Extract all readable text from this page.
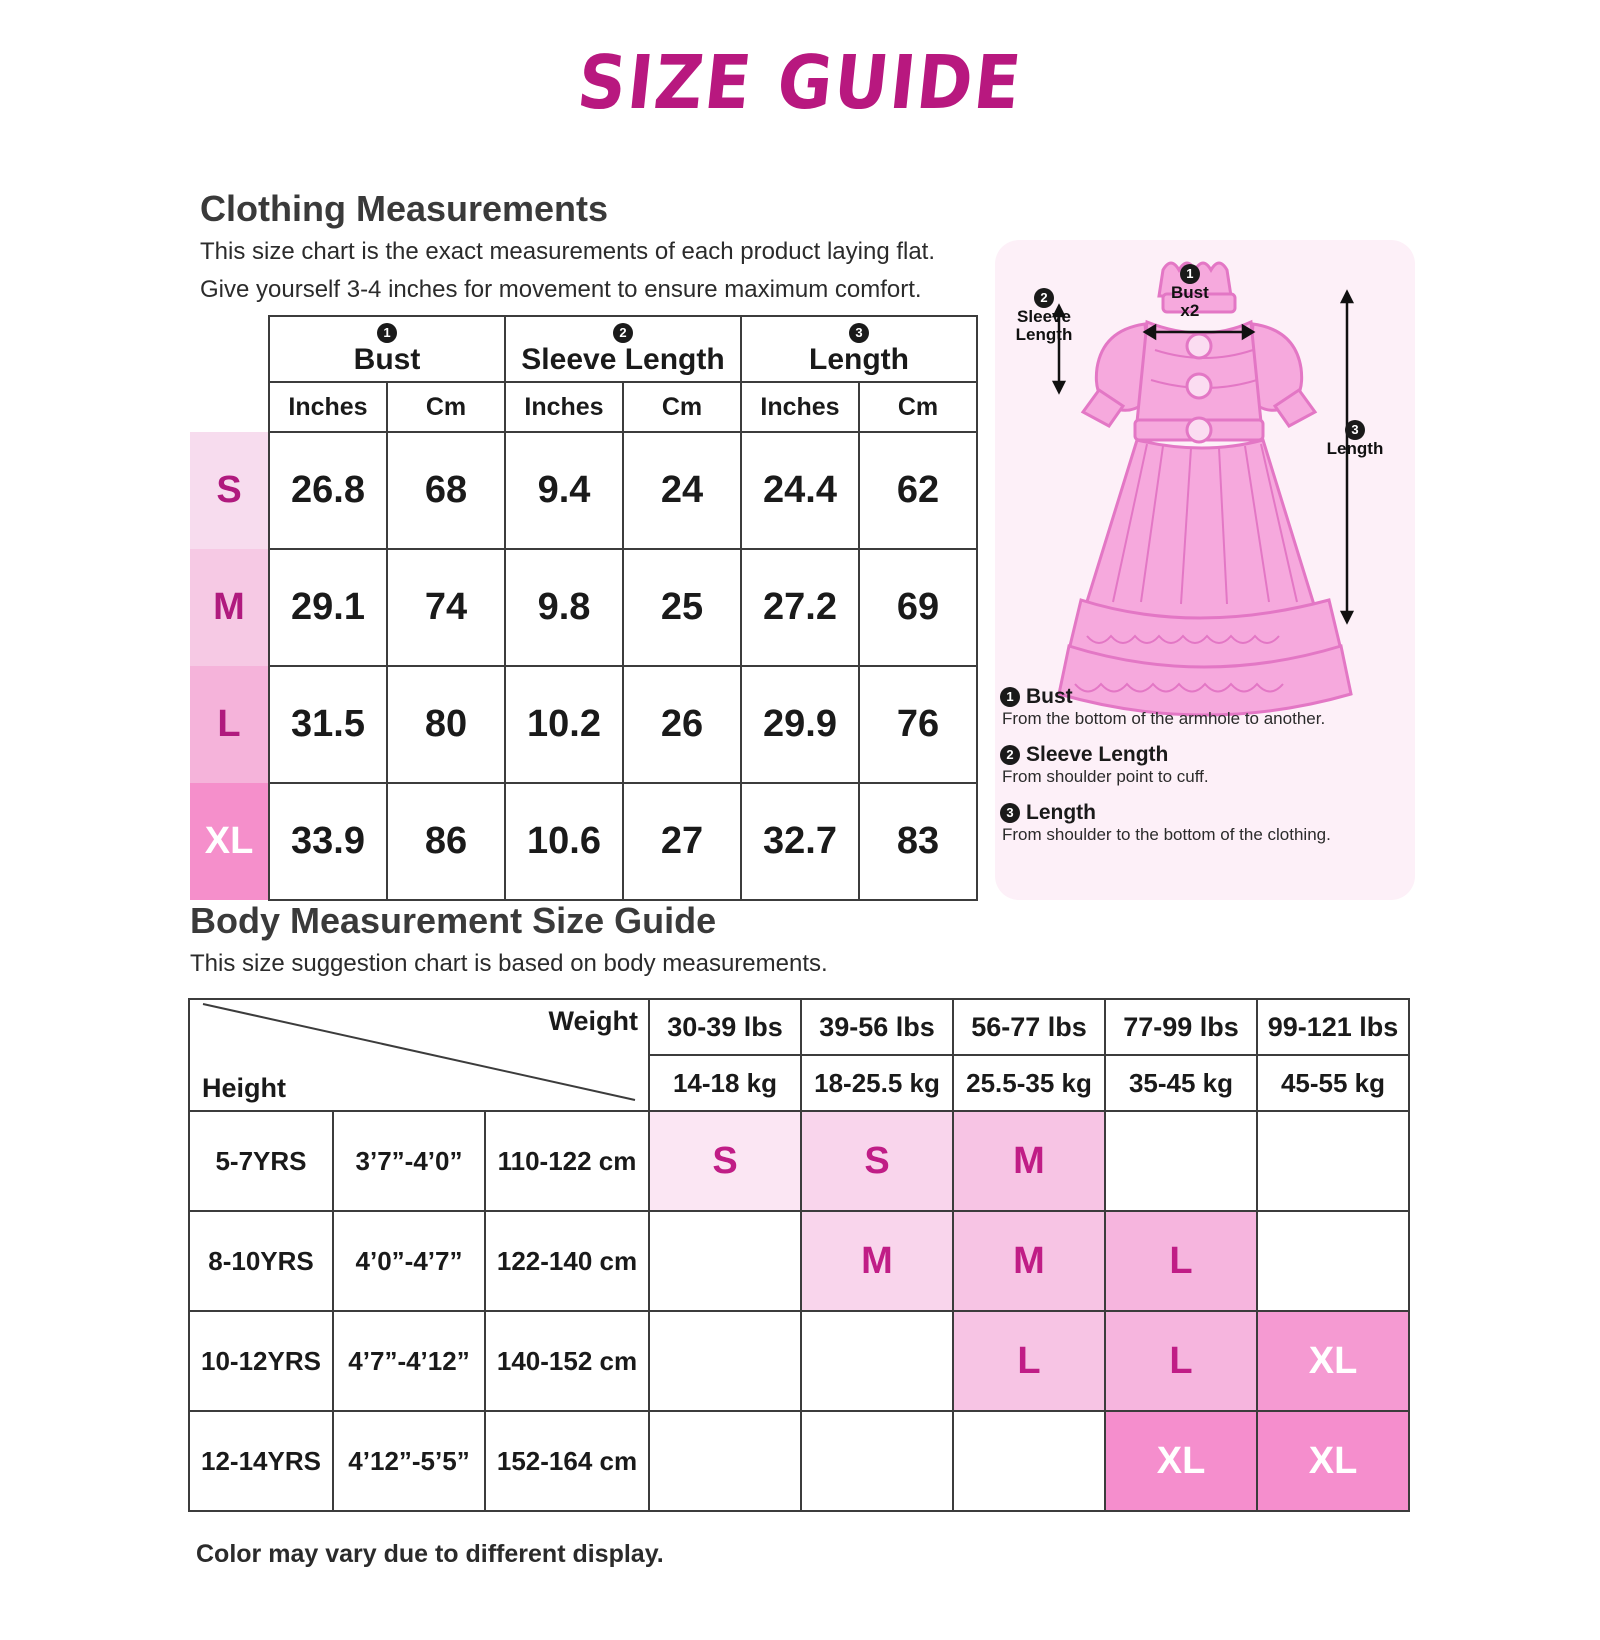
SIZE GUIDE
Clothing Measurements
This size chart is the exact measurements of each product laying flat.
Give yourself 3-4 inches for movement to ensure maximum comfort.

	1
Bust		2
Sleeve Length		3
Length	

	Inches	Cm	Inches	Cm	Inches	Cm
S	26.8	68	9.4	24	24.4	62
M	29.1	74	9.8	25	27.2	69
L	31.5	80	10.2	26	29.9	76
XL	33.9	86	10.6	27	32.7	83
1
Bust
x2
2
Sleeve
Length
3
Length
1 Bust
From the bottom of the armhole to another.
2 Sleeve Length
From shoulder point to cuff.
3 Length
From shoulder to the bottom of the clothing.
Body Measurement Size Guide
This size suggestion chart is based on body measurements.
Weight
Height			30-39 lbs	39-56 lbs	56-77 lbs	77-99 lbs	99-121 lbs
			14-18 kg	18-25.5 kg	25.5-35 kg	35-45 kg	45-55 kg
5-7YRS	3’7”-4’0”	110-122 cm	S	S	M		
8-10YRS	4’0”-4’7”	122-140 cm		M	M	L	
10-12YRS	4’7”-4’12”	140-152 cm			L	L	XL
12-14YRS	4’12”-5’5”	152-164 cm				XL	XL
Color may vary due to different display.
